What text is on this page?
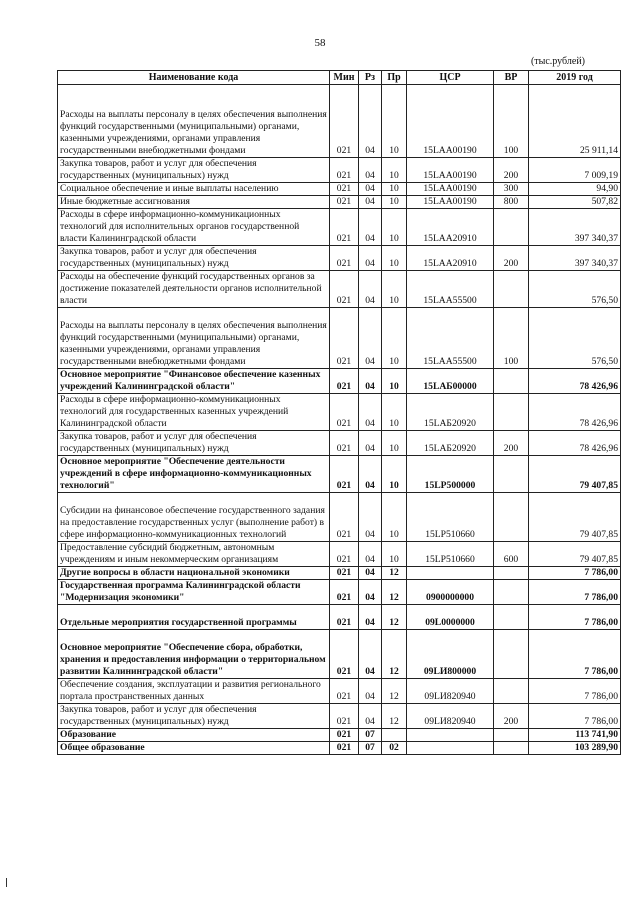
58
(тыс.рублей)
Наименование кода	Мин	Рз	Пр	ЦСР	ВР	2019 год
Расходы на выплаты персоналу в целях обеспечения выполнения функций государственными (муниципальными) органами, казенными учреждениями, органами управления государственными внебюджетными фондами	021	04	10	15LAA00190	100	25 911,14
Закупка товаров, работ и услуг для обеспечения государственных (муниципальных) нужд	021	04	10	15LAA00190	200	7 009,19
Социальное обеспечение и иные выплаты населению	021	04	10	15LAA00190	300	94,90
Иные бюджетные ассигнования	021	04	10	15LAA00190	800	507,82
Расходы в сфере информационно-коммуникационных технологий для исполнительных органов государственной власти Калининградской области	021	04	10	15LAA20910		397 340,37
Закупка товаров, работ и услуг для обеспечения государственных (муниципальных) нужд	021	04	10	15LAA20910	200	397 340,37
Расходы на обеспечение функций государственных органов за достижение показателей деятельности органов исполнительной власти	021	04	10	15LAA55500		576,50
Расходы на выплаты персоналу в целях обеспечения выполнения функций государственными (муниципальными) органами, казенными учреждениями, органами управления государственными внебюджетными фондами	021	04	10	15LAA55500	100	576,50
Основное мероприятие "Финансовое обеспечение казенных учреждений Калининградской области"	021	04	10	15LАБ00000		78 426,96
Расходы в сфере информационно-коммуникационных технологий для государственных казенных учреждений Калининградской области	021	04	10	15LАБ20920		78 426,96
Закупка товаров, работ и услуг для обеспечения государственных (муниципальных) нужд	021	04	10	15LАБ20920	200	78 426,96
Основное мероприятие "Обеспечение деятельности учреждений в сфере информационно-коммуникационных технологий"	021	04	10	15LP500000		79 407,85
Субсидии на финансовое обеспечение государственного задания на предоставление государственных услуг (выполнение работ) в сфере информационно-коммуникационных технологий	021	04	10	15LP510660		79 407,85
Предоставление субсидий бюджетным, автономным учреждениям и иным некоммерческим организациям	021	04	10	15LP510660	600	79 407,85
Другие вопросы в области национальной экономики	021	04	12			7 786,00
Государственная программа Калининградской области "Модернизация экономики"	021	04	12	0900000000		7 786,00
Отдельные мероприятия государственной программы	021	04	12	09L0000000		7 786,00
Основное мероприятие "Обеспечение сбора, обработки, хранения и предоставления информации о территориальном развитии Калининградской области"	021	04	12	09LИ800000		7 786,00
Обеспечение создания, эксплуатации и развития регионального портала пространственных данных	021	04	12	09LИ820940		7 786,00
Закупка товаров, работ и услуг для обеспечения государственных (муниципальных) нужд	021	04	12	09LИ820940	200	7 786,00
Образование	021	07				113 741,90
Общее образование	021	07	02			103 289,90
